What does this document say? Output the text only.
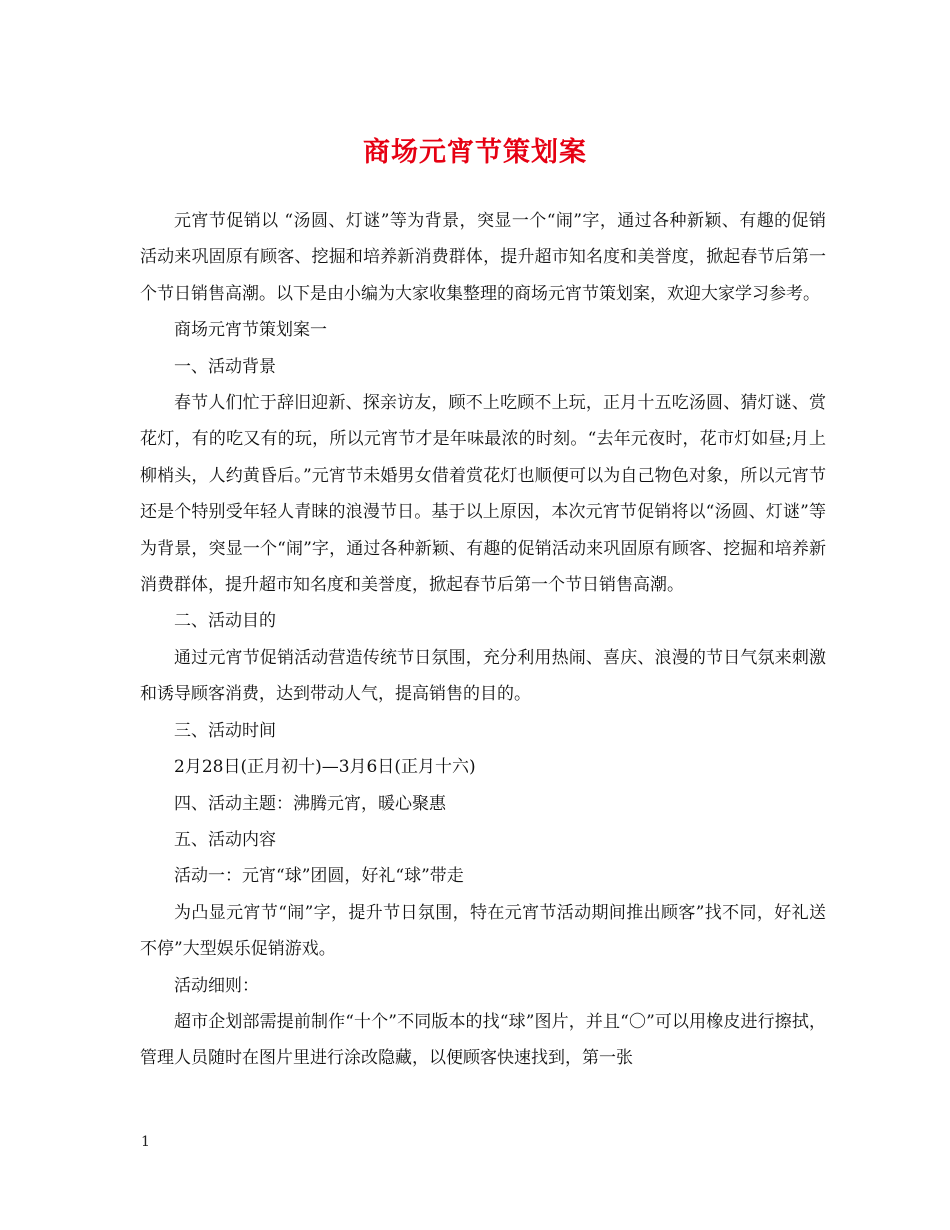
商场元宵节策划案

元宵节促销以 “汤圆、灯谜”等为背景，突显一个“闹”字，通过各种新颖、有趣的促销活动来巩固原有顾客、挖掘和培养新消费群体，提升超市知名度和美誉度，掀起春节后第一个节日销售高潮。以下是由小编为大家收集整理的商场元宵节策划案，欢迎大家学习参考。

商场元宵节策划案一

一、活动背景

春节人们忙于辞旧迎新、探亲访友，顾不上吃顾不上玩，正月十五吃汤圆、猜灯谜、赏花灯，有的吃又有的玩，所以元宵节才是年味最浓的时刻。“去年元夜时，花市灯如昼;月上柳梢头，人约黄昏后。”元宵节未婚男女借着赏花灯也顺便可以为自己物色对象，所以元宵节还是个特别受年轻人青睐的浪漫节日。基于以上原因，本次元宵节促销将以“汤圆、灯谜”等为背景，突显一个“闹”字，通过各种新颖、有趣的促销活动来巩固原有顾客、挖掘和培养新消费群体，提升超市知名度和美誉度，掀起春节后第一个节日销售高潮。

二、活动目的

通过元宵节促销活动营造传统节日氛围，充分利用热闹、喜庆、浪漫的节日气氛来刺激和诱导顾客消费，达到带动人气，提高销售的目的。

三、活动时间

2月28日(正月初十)—3月6日(正月十六)

四、活动主题：沸腾元宵，暖心聚惠

五、活动内容

活动一：元宵“球”团圆，好礼“球”带走

为凸显元宵节“闹”字，提升节日氛围，特在元宵节活动期间推出顾客”找不同，好礼送不停”大型娱乐促销游戏。

活动细则：

超市企划部需提前制作“十个”不同版本的找“球”图片，并且“〇”可以用橡皮进行擦拭，管理人员随时在图片里进行涂改隐藏，以便顾客快速找到，第一张

1
